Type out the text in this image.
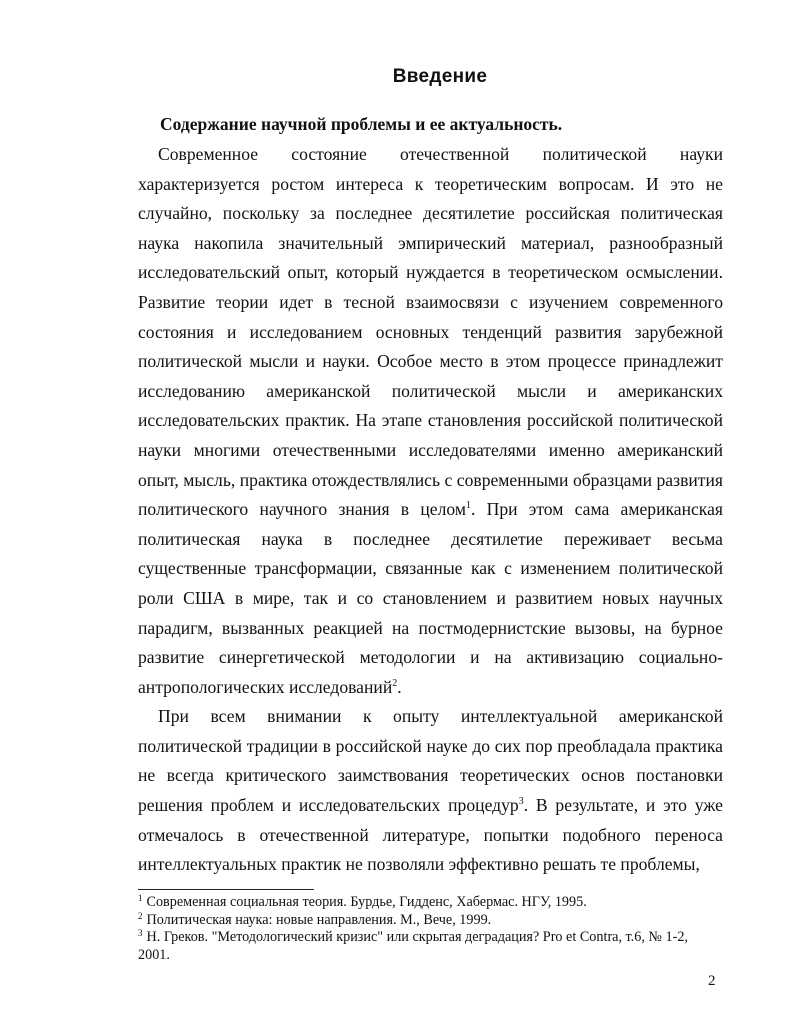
Введение
Содержание научной проблемы и ее актуальность.

Современное состояние отечественной политической науки характеризуется ростом интереса к теоретическим вопросам. И это не случайно, поскольку за последнее десятилетие российская политическая наука накопила значительный эмпирический материал, разнообразный исследовательский опыт, который нуждается в теоретическом осмыслении. Развитие теории идет в тесной взаимосвязи с изучением современного состояния и исследованием основных тенденций развития зарубежной политической мысли и науки. Особое место в этом процессе принадлежит исследованию американской политической мысли и американских исследовательских практик. На этапе становления российской политической науки многими отечественными исследователями именно американский опыт, мысль, практика отождествлялись с современными образцами развития политического научного знания в целом$^1$. При этом сама американская политическая наука в последнее десятилетие переживает весьма существенные трансформации, связанные как с изменением политической роли США в мире, так и со становлением и развитием новых научных парадигм, вызванных реакцией на постмодернистские вызовы, на бурное развитие синергетической методологии и на активизацию социально-антропологических исследований$^2$.

При всем внимании к опыту интеллектуальной американской политической традиции в российской науке до сих пор преобладала практика не всегда критического заимствования теоретических основ постановки решения проблем и исследовательских процедур$^3$. В результате, и это уже отмечалось в отечественной литературе, попытки подобного переноса интеллектуальных практик не позволяли эффективно решать те проблемы,

$^1$ Современная социальная теория. Бурдье, Гидденс, Хабермас. НГУ, 1995.

$^2$ Политическая наука: новые направления. М., Вече, 1999.

$^3$ Н. Греков. "Методологический кризис" или скрытая деградация? Pro et Contra, т.6, № 1-2, 2001.

2
